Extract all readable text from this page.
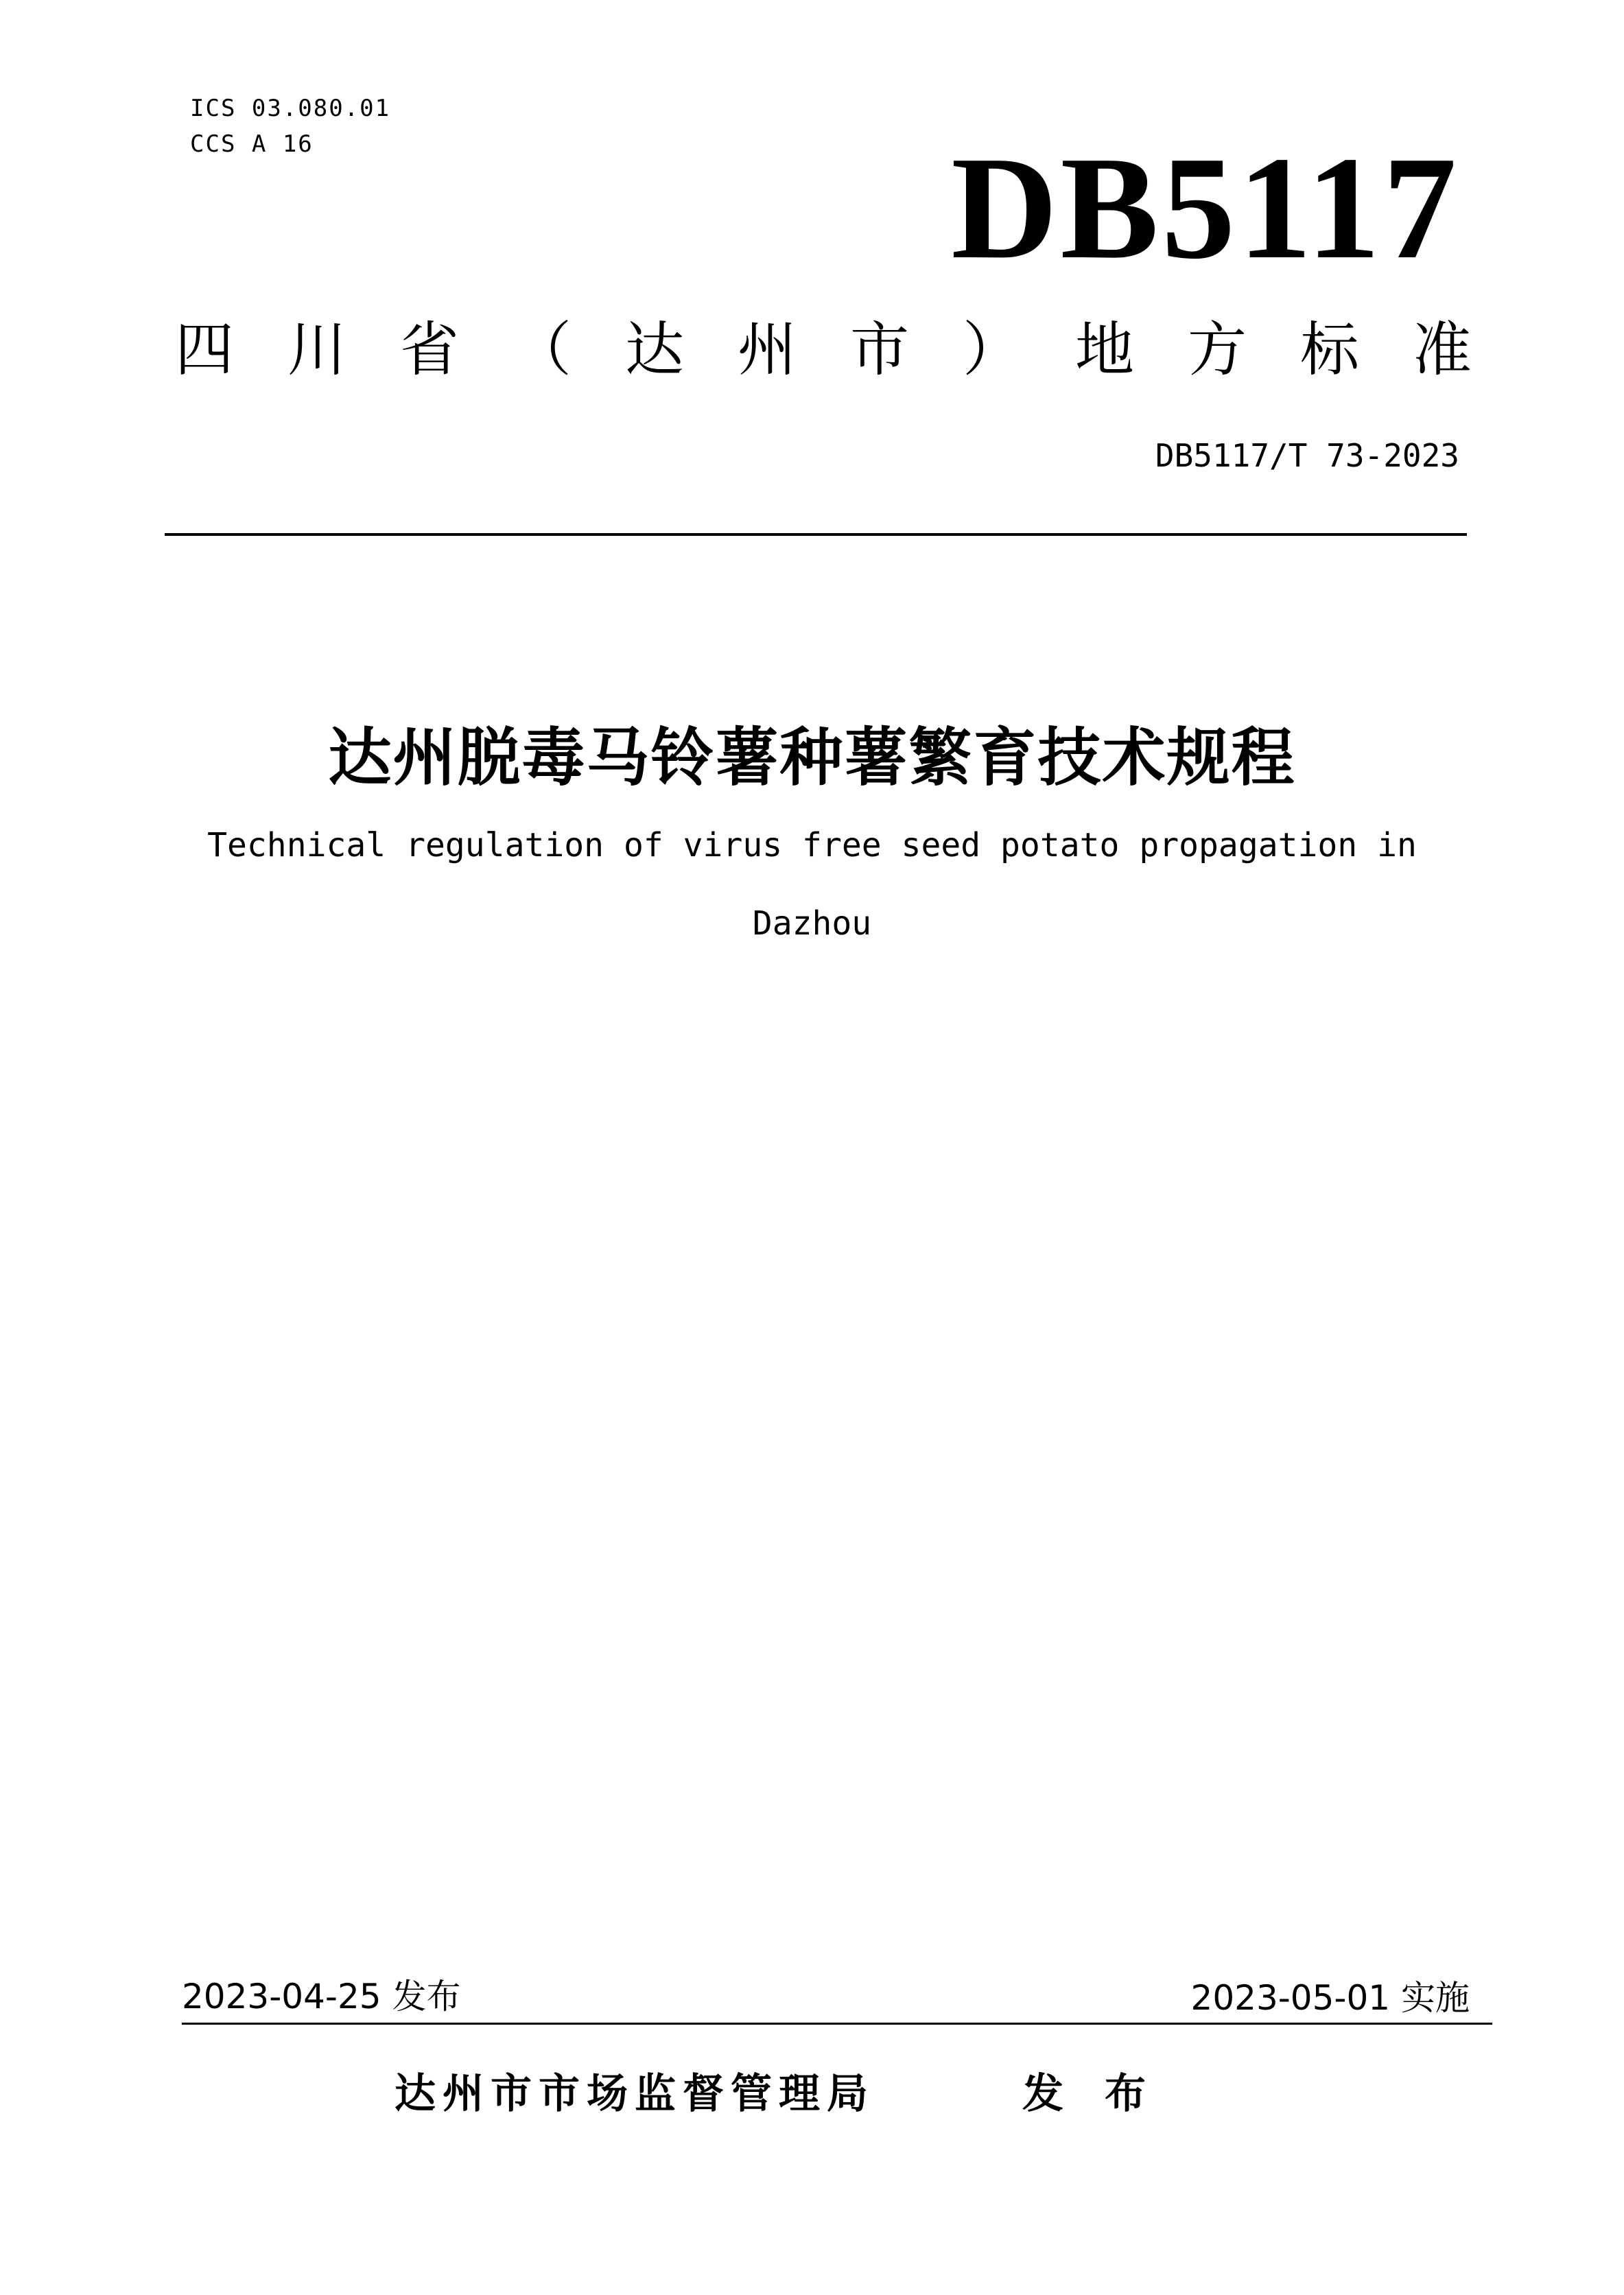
ICS 03.080.01
CCS A 16	DB5117
四 川 省 （ 达 州 市 ） 地 方 标 准
DB5117/T 73-2023
达州脱毒马铃薯种薯繁育技术规程
Technical regulation of virus free seed potato propagation in
Dazhou
2023-04-25 发布	2023-05-01 实施
达州市市场监督管理局	发布
